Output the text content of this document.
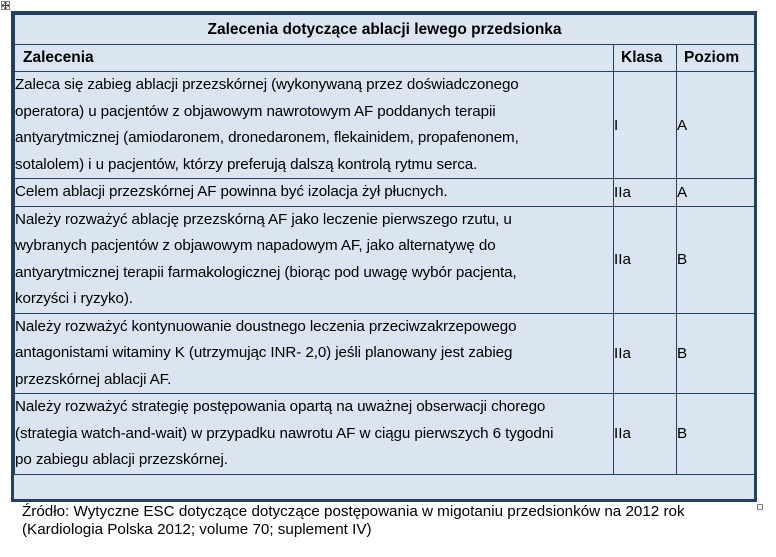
Zalecenia dotyczące ablacji lewego przedsionka		
Zalecenia	Klasa	Poziom

Zaleca się zabieg ablacji przezskórnej (wykonywaną przez doświadczonego
operatora) u pacjentów z objawowym nawrotowym AF poddanych terapii
antyarytmicznej (amiodaronem, dronedaronem, flekainidem, propafenonem,
sotalolem) i u pacjentów, którzy preferują dalszą kontrolą rytmu serca.	I	A

Celem ablacji przezskórnej AF powinna być izolacja żył płucnych.	IIa	A

Należy rozważyć ablację przezskórną AF jako leczenie pierwszego rzutu, u
wybranych pacjentów z objawowym napadowym AF, jako alternatywę do
antyarytmicznej terapii farmakologicznej (biorąc pod uwagę wybór pacjenta,
korzyści i ryzyko).	IIa	B

Należy rozważyć kontynuowanie doustnego leczenia przeciwzakrzepowego
antagonistami witaminy K (utrzymując INR- 2,0) jeśli planowany jest zabieg
przezskórnej ablacji AF.	IIa	B

Należy rozważyć strategię postępowania opartą na uważnej obserwacji chorego
(strategia watch-and-wait) w przypadku nawrotu AF w ciągu pierwszych 6 tygodni
po zabiegu ablacji przezskórnej.	IIa	B
Źródło: Wytyczne ESC dotyczące dotyczące postępowania w migotaniu przedsionków na 2012 rok
(Kardiologia Polska 2012; volume 70; suplement IV)
